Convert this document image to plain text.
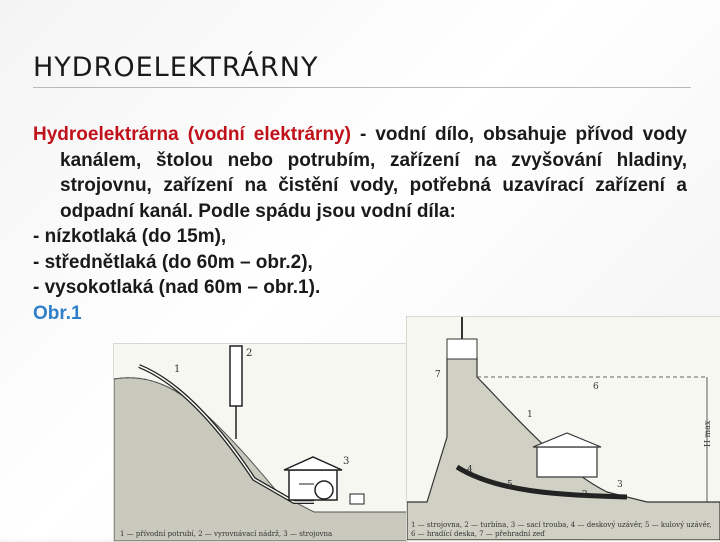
HYDROELEKTRÁRNY

Hydroelektrárna (vodní elektrárny) - vodní dílo, obsahuje přívod vody kanálem, štolou nebo potrubím, zařízení na zvyšování hladiny, strojovnu, zařízení na čistění vody, potřebná uzavírací zařízení a odpadní kanál. Podle spádu jsou vodní díla:

- nízkotlaká (do 15m),

- střednětlaká (do 60m – obr.2),

- vysokotlaká (nad 60m – obr.1).

Obr.1

1
2
3
1 — přívodní potrubí, 2 — vyrovnávací nádrž, 3 — strojovna
H max
1
2
3
4
5
6
7
1 — strojovna, 2 — turbína, 3 — sací trouba, 4 — deskový uzávěr, 5 — kulový uzávěr,
6 — hradící deska, 7 — přehradní zeď
